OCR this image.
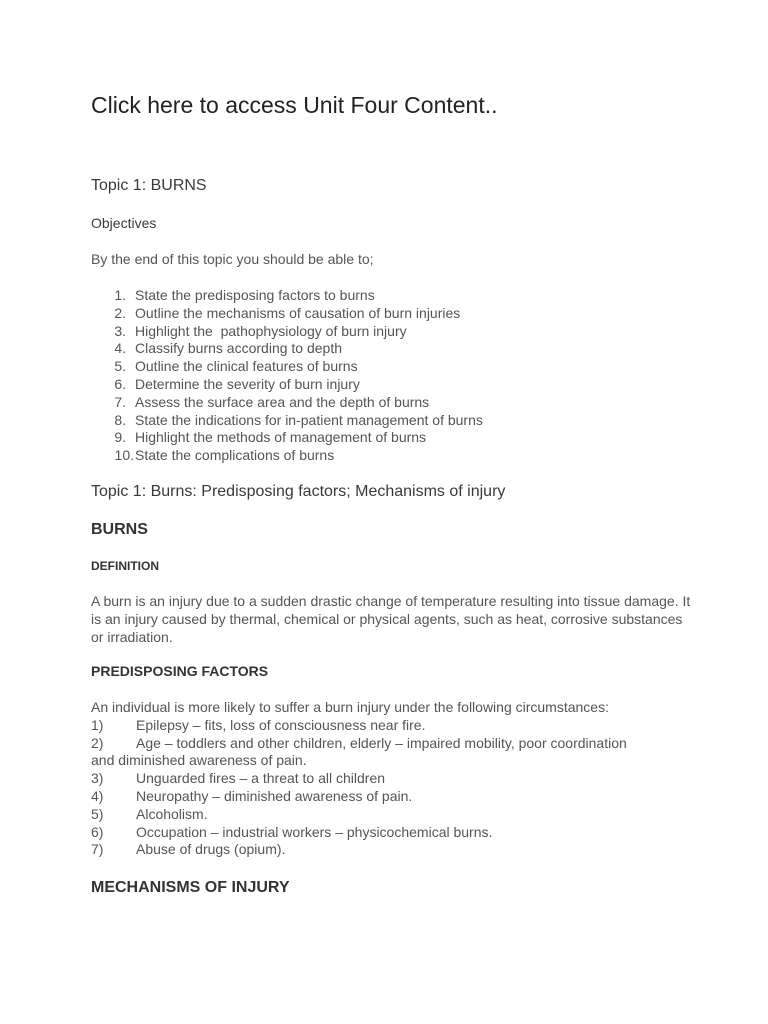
Click here to access Unit Four Content..
Topic 1: BURNS
Objectives
By the end of this topic you should be able to;
1. State the predisposing factors to burns
2. Outline the mechanisms of causation of burn injuries
3. Highlight the  pathophysiology of burn injury
4. Classify burns according to depth
5. Outline the clinical features of burns
6. Determine the severity of burn injury
7. Assess the surface area and the depth of burns
8. State the indications for in-patient management of burns
9. Highlight the methods of management of burns
10. State the complications of burns
Topic 1: Burns: Predisposing factors; Mechanisms of injury
BURNS
DEFINITION

A burn is an injury due to a sudden drastic change of temperature resulting into tissue damage. It is an injury caused by thermal, chemical or physical agents, such as heat, corrosive substances or irradiation.

PREDISPOSING FACTORS
An individual is more likely to suffer a burn injury under the following circumstances:
1) Epilepsy – fits, loss of consciousness near fire.
2) Age – toddlers and other children, elderly – impaired mobility, poor coordination
and diminished awareness of pain.
3) Unguarded fires – a threat to all children
4) Neuropathy – diminished awareness of pain.
5) Alcoholism.
6) Occupation – industrial workers – physicochemical burns.
7) Abuse of drugs (opium).
MECHANISMS OF INJURY
